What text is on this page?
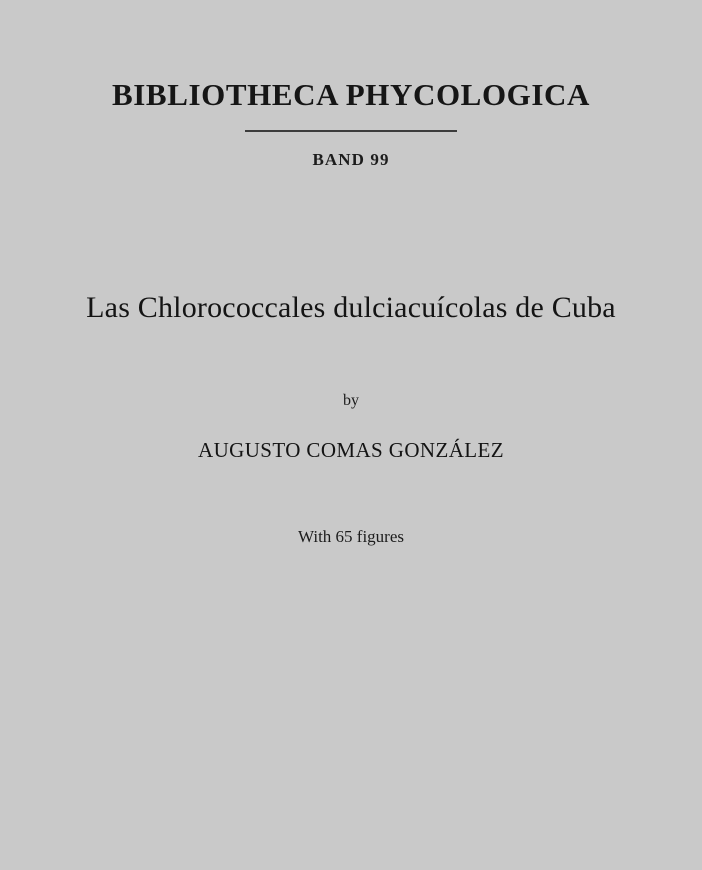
BIBLIOTHECA PHYCOLOGICA
BAND 99
Las Chlorococcales dulciacuícolas de Cuba
by
AUGUSTO COMAS GONZÁLEZ
With 65 figures
